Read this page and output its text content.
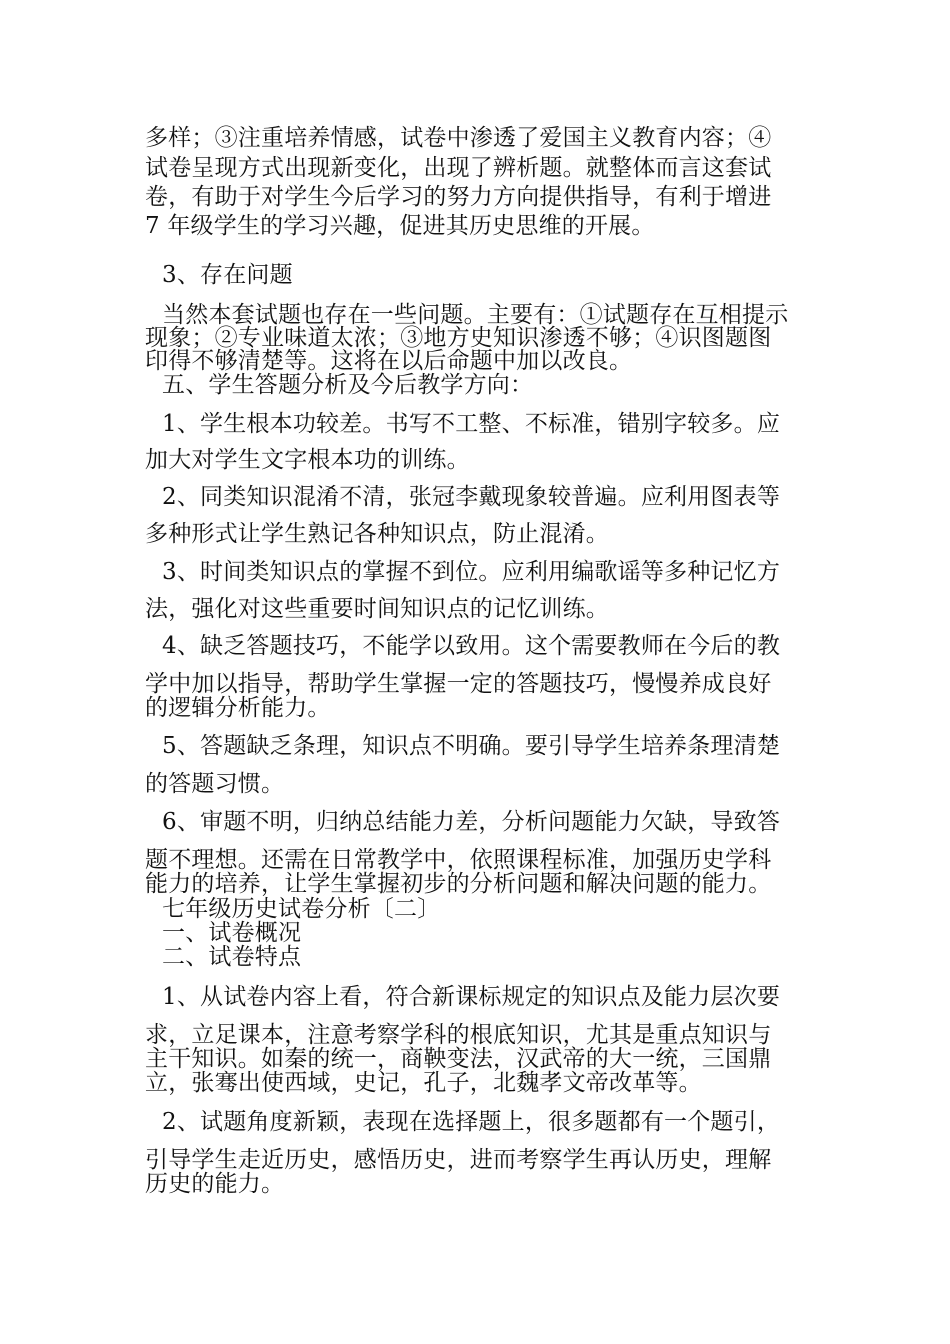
多样；③注重培养情感，试卷中渗透了爱国主义教育内容；④
试卷呈现方式出现新变化，出现了辨析题。就整体而言这套试
卷，有助于对学生今后学习的努力方向提供指导，有利于增进
7 年级学生的学习兴趣，促进其历史思维的开展。
3、存在问题
当然本套试题也存在一些问题。主要有：①试题存在互相提示
现象；②专业味道太浓；③地方史知识渗透不够；④识图题图
印得不够清楚等。这将在以后命题中加以改良。
五、学生答题分析及今后教学方向：
1、学生根本功较差。书写不工整、不标准，错别字较多。应
加大对学生文字根本功的训练。
2、同类知识混淆不清，张冠李戴现象较普遍。应利用图表等
多种形式让学生熟记各种知识点，防止混淆。
3、时间类知识点的掌握不到位。应利用编歌谣等多种记忆方
法，强化对这些重要时间知识点的记忆训练。
4、缺乏答题技巧，不能学以致用。这个需要教师在今后的教
学中加以指导，帮助学生掌握一定的答题技巧，慢慢养成良好
的逻辑分析能力。
5、答题缺乏条理，知识点不明确。要引导学生培养条理清楚
的答题习惯。
6、审题不明，归纳总结能力差，分析问题能力欠缺，导致答
题不理想。还需在日常教学中，依照课程标准，加强历史学科
能力的培养，让学生掌握初步的分析问题和解决问题的能力。
七年级历史试卷分析〔二〕
一、试卷概况
二、试卷特点
1、从试卷内容上看，符合新课标规定的知识点及能力层次要
求，立足课本，注意考察学科的根底知识，尤其是重点知识与
主干知识。如秦的统一，商鞅变法，汉武帝的大一统，三国鼎
立，张骞出使西域，史记，孔子，北魏孝文帝改革等。
2、试题角度新颖，表现在选择题上，很多题都有一个题引，
引导学生走近历史，感悟历史，进而考察学生再认历史，理解
历史的能力。
